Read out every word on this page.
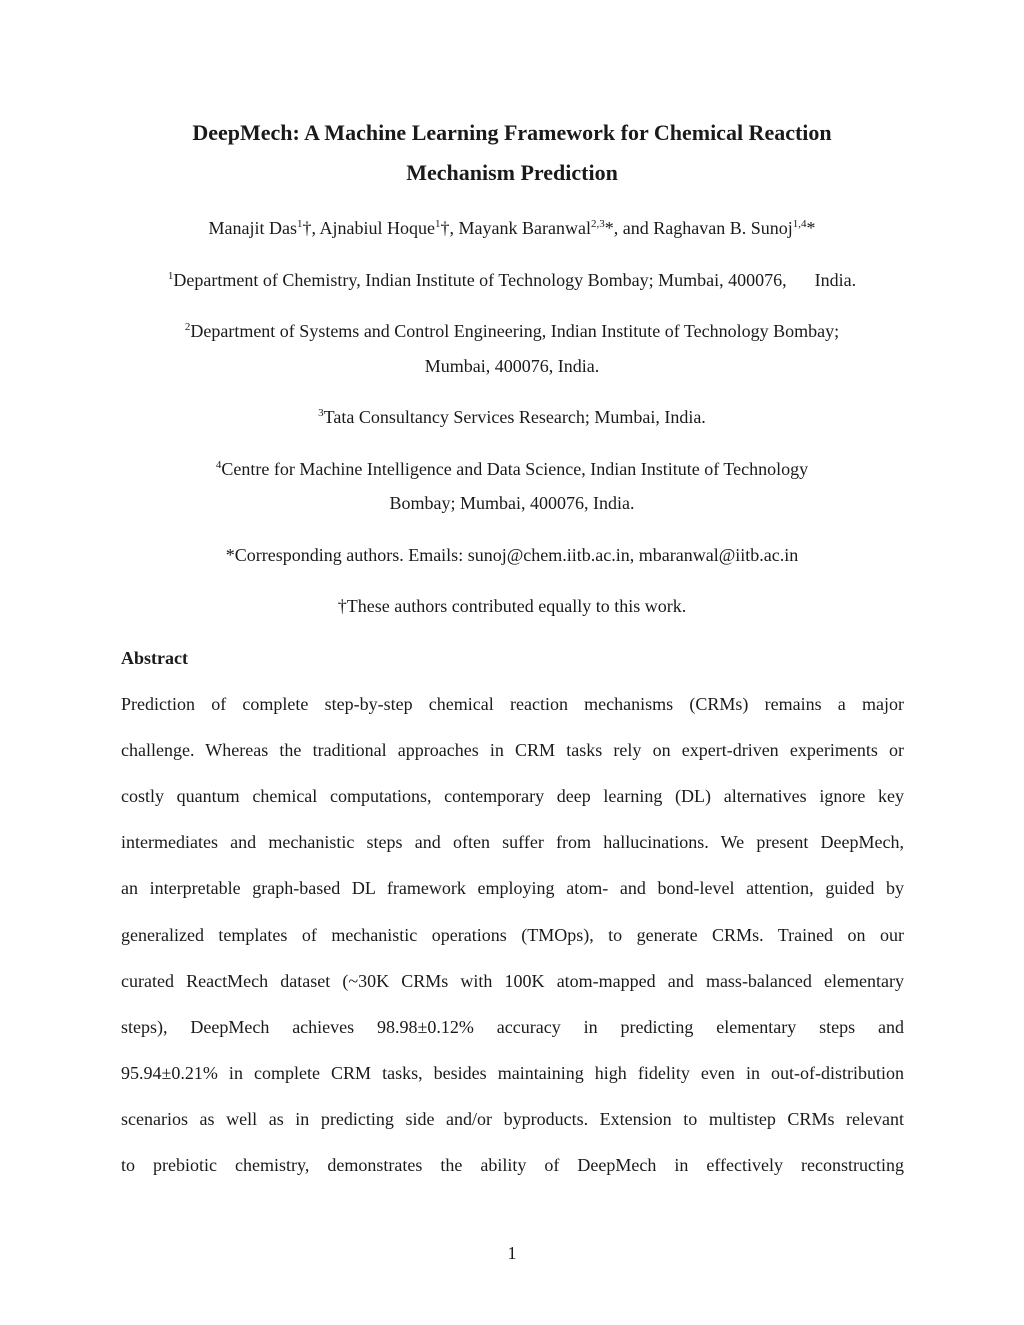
DeepMech: A Machine Learning Framework for Chemical Reaction
Mechanism Prediction

Manajit Das$^1$†, Ajnabiul Hoque$^1$†, Mayank Baranwal$^{2,3}$*, and Raghavan B. Sunoj$^{1,4}$*

$^1$Department of Chemistry, Indian Institute of Technology Bombay; Mumbai, 400076, India.

$^2$Department of Systems and Control Engineering, Indian Institute of Technology Bombay;

Mumbai, 400076, India.

$^3$Tata Consultancy Services Research; Mumbai, India.

$^4$Centre for Machine Intelligence and Data Science, Indian Institute of Technology

Bombay; Mumbai, 400076, India.

*Corresponding authors. Emails: sunoj@chem.iitb.ac.in, mbaranwal@iitb.ac.in

†These authors contributed equally to this work.

Abstract

Prediction of complete step-by-step chemical reaction mechanisms (CRMs) remains a major

challenge. Whereas the traditional approaches in CRM tasks rely on expert-driven experiments or

costly quantum chemical computations, contemporary deep learning (DL) alternatives ignore key

intermediates and mechanistic steps and often suffer from hallucinations. We present DeepMech,

an interpretable graph-based DL framework employing atom- and bond-level attention, guided by

generalized templates of mechanistic operations (TMOps), to generate CRMs. Trained on our

curated ReactMech dataset (~30K CRMs with 100K atom-mapped and mass-balanced elementary

steps), DeepMech achieves 98.98±0.12% accuracy in predicting elementary steps and

95.94±0.21% in complete CRM tasks, besides maintaining high fidelity even in out-of-distribution

scenarios as well as in predicting side and/or byproducts. Extension to multistep CRMs relevant

to prebiotic chemistry, demonstrates the ability of DeepMech in effectively reconstructing

1
